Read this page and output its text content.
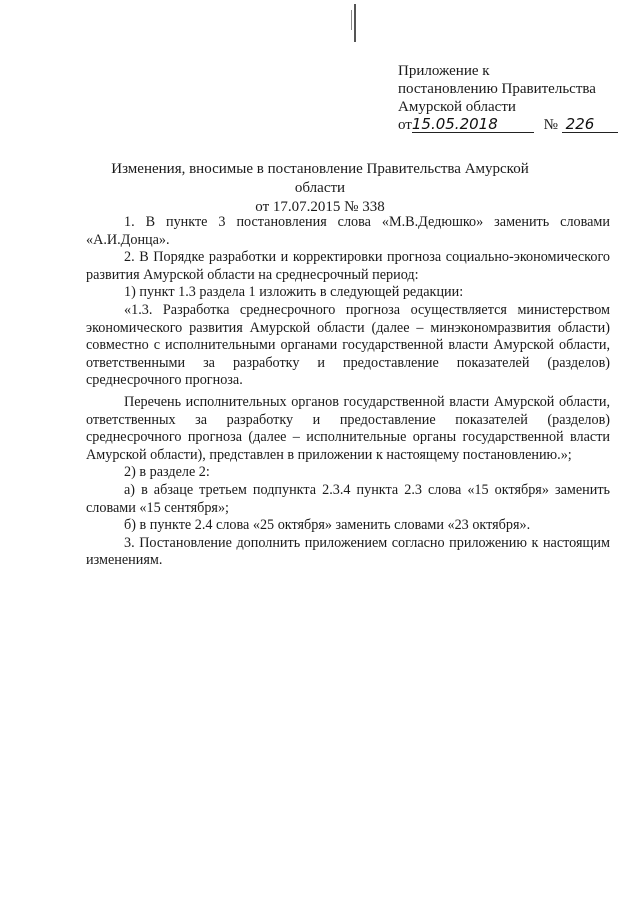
Приложение к
постановлению Правительства
Амурской области
от15.05.2018	№ 226
Изменения, вносимые в постановление Правительства Амурской области
от 17.07.2015 № 338

1. В пункте 3 постановления слова «М.В.Дедюшко» заменить словами «А.И.Донца».

2. В Порядке разработки и корректировки прогноза социально-экономического развития Амурской области на среднесрочный период:

1) пункт 1.3 раздела 1 изложить в следующей редакции:

«1.3. Разработка среднесрочного прогноза осуществляется министерством экономического развития Амурской области (далее – минэкономразвития области) совместно с исполнительными органами государственной власти Амурской области, ответственными за разработку и предоставление показателей (разделов) среднесрочного прогноза.

Перечень исполнительных органов государственной власти Амурской области, ответственных за разработку и предоставление показателей (разделов) среднесрочного прогноза (далее – исполнительные органы государственной власти Амурской области), представлен в приложении к настоящему постановлению.»;

2) в разделе 2:

а) в абзаце третьем подпункта 2.3.4 пункта 2.3 слова «15 октября» заменить словами «15 сентября»;

б) в пункте 2.4 слова «25 октября» заменить словами «23 октября».

3. Постановление дополнить приложением согласно приложению к настоящим изменениям.
